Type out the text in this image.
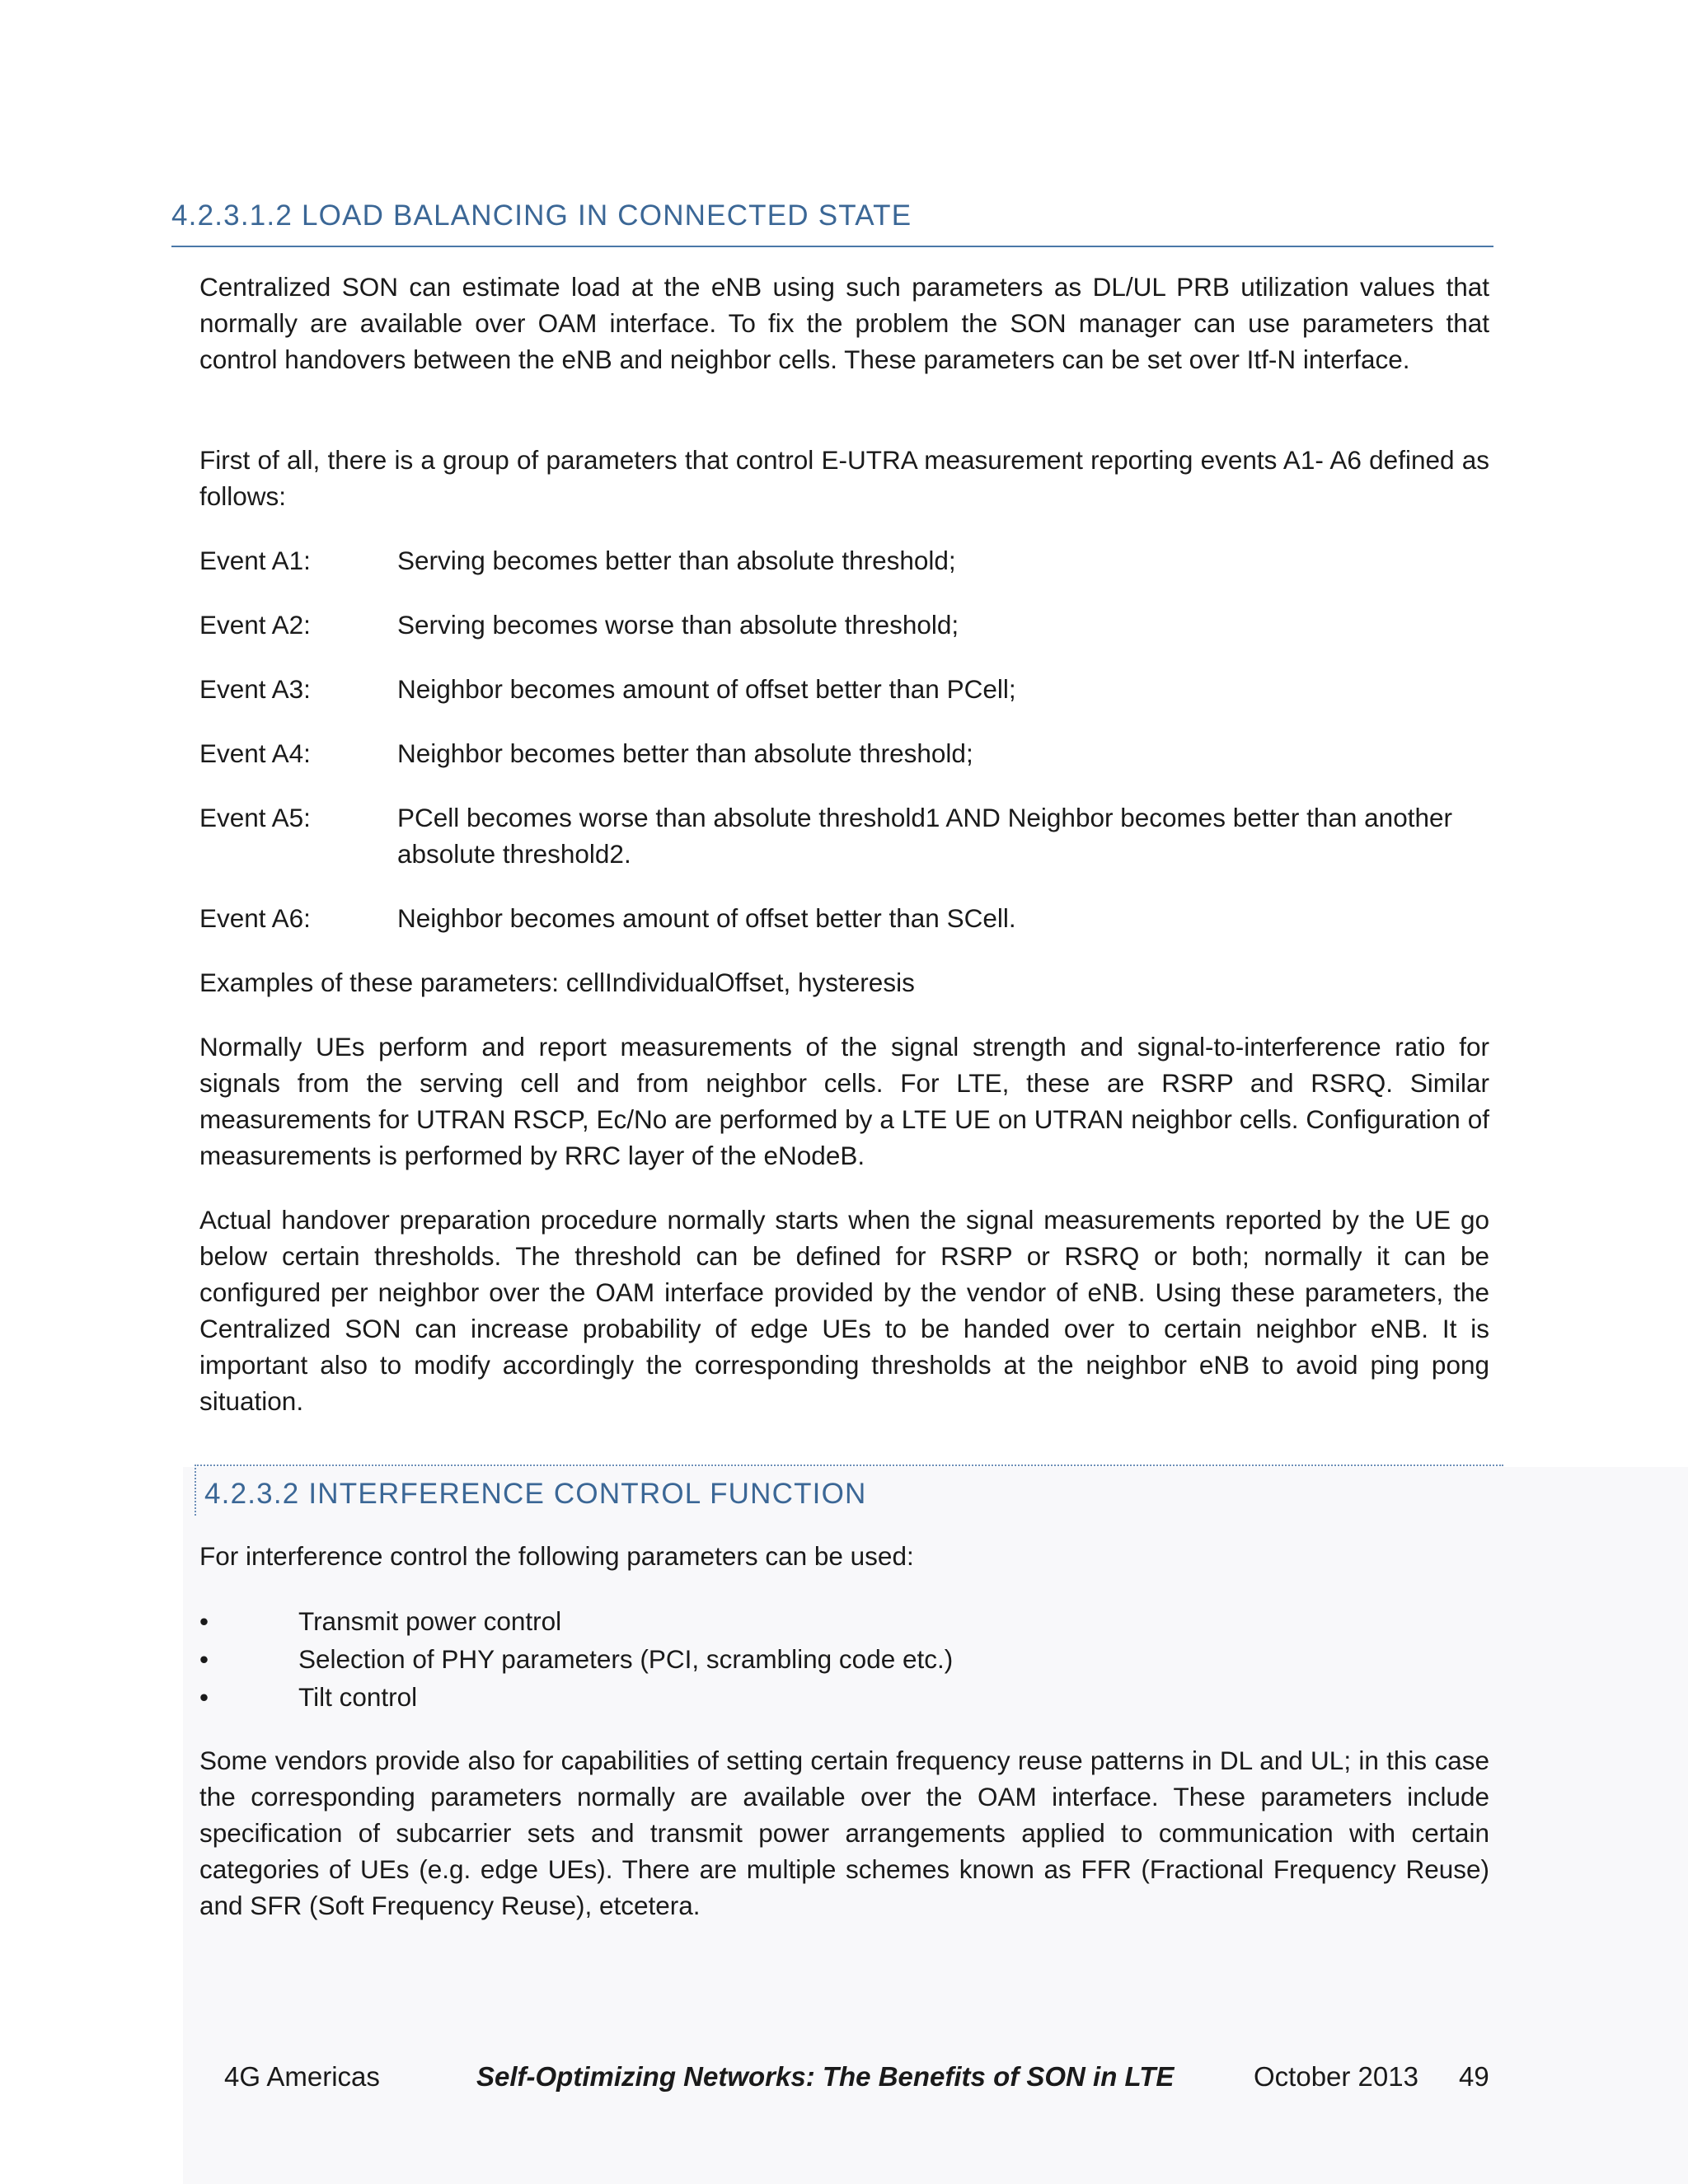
4.2.3.1.2 LOAD BALANCING IN CONNECTED STATE

Centralized SON can estimate load at the eNB using such parameters as DL/UL PRB utilization values that normally are available over OAM interface. To fix the problem the SON manager can use parameters that control handovers between the eNB and neighbor cells. These parameters can be set over Itf-N interface.

First of all, there is a group of parameters that control E-UTRA measurement reporting events A1- A6 defined as follows:

Event A1:	Serving becomes better than absolute threshold;
Event A2:	Serving becomes worse than absolute threshold;
Event A3:	Neighbor becomes amount of offset better than PCell;
Event A4:	Neighbor becomes better than absolute threshold;
Event A5:	PCell becomes worse than absolute threshold1 AND Neighbor becomes better than another absolute threshold2.
Event A6:	Neighbor becomes amount of offset better than SCell.

Examples of these parameters: cellIndividualOffset, hysteresis

Normally UEs perform and report measurements of the signal strength and signal-to-interference ratio for signals from the serving cell and from neighbor cells. For LTE, these are RSRP and RSRQ. Similar measurements for UTRAN RSCP, Ec/No are performed by a LTE UE on UTRAN neighbor cells. Configuration of measurements is performed by RRC layer of the eNodeB.

Actual handover preparation procedure normally starts when the signal measurements reported by the UE go below certain thresholds. The threshold can be defined for RSRP or RSRQ or both; normally it can be configured per neighbor over the OAM interface provided by the vendor of eNB. Using these parameters, the Centralized SON can increase probability of edge UEs to be handed over to certain neighbor eNB. It is important also to modify accordingly the corresponding thresholds at the neighbor eNB to avoid ping pong situation.

4.2.3.2 INTERFERENCE CONTROL FUNCTION

For interference control the following parameters can be used:

•	Transmit power control
•	Selection of PHY parameters (PCI, scrambling code etc.)
•	Tilt control

Some vendors provide also for capabilities of setting certain frequency reuse patterns in DL and UL; in this case the corresponding parameters normally are available over the OAM interface. These parameters include specification of subcarrier sets and transmit power arrangements applied to communication with certain categories of UEs (e.g. edge UEs). There are multiple schemes known as FFR (Fractional Frequency Reuse) and SFR (Soft Frequency Reuse), etcetera.

4G Americas	Self-Optimizing Networks: The Benefits of SON in LTE	October 2013 49
